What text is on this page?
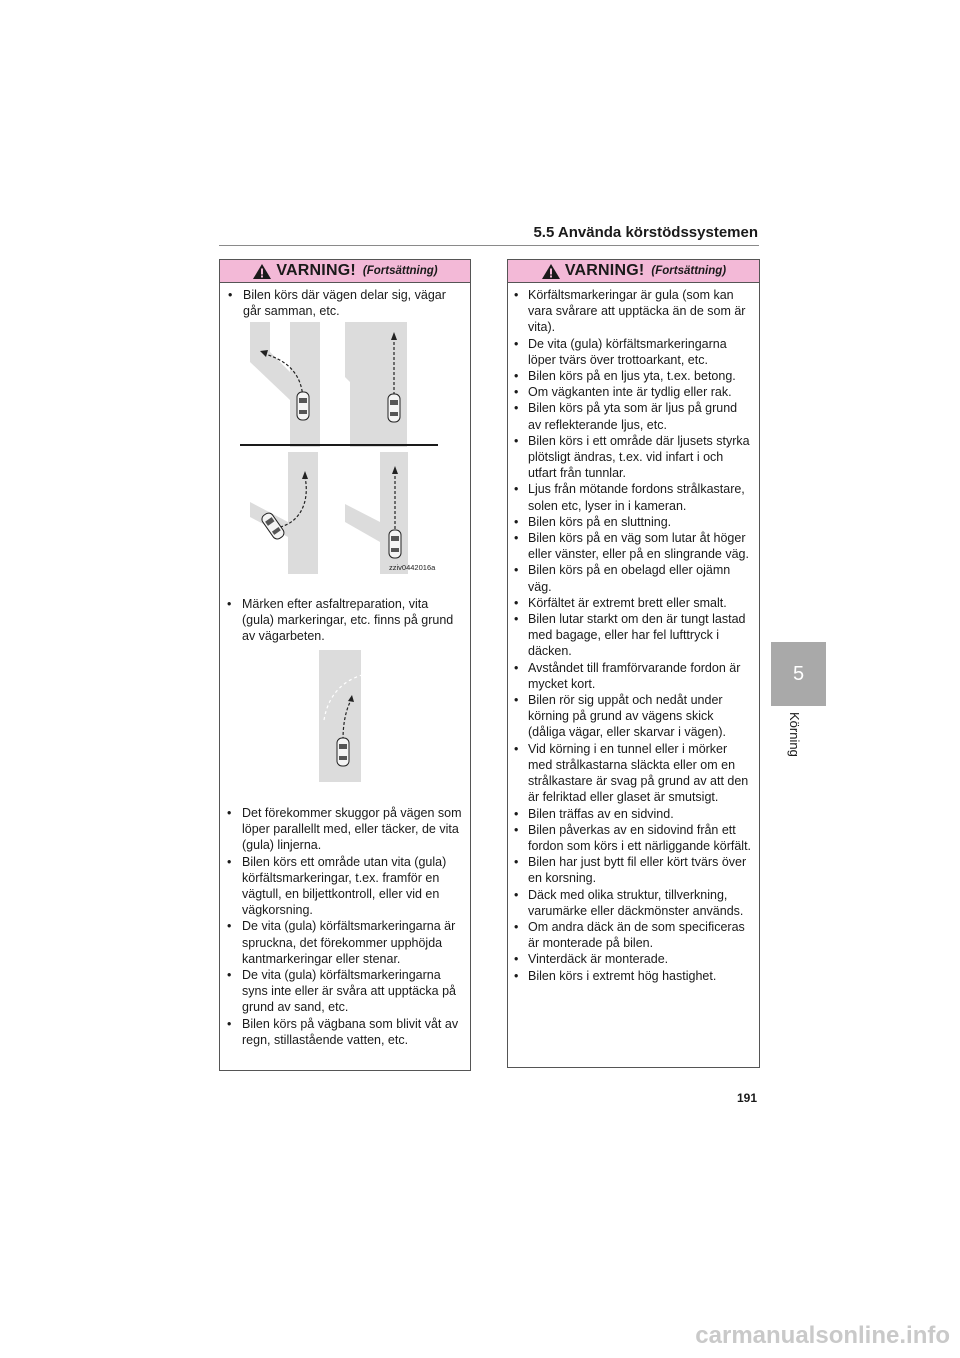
5.5 Använda körstödssystemen
VARNING! (Fortsättning)
• Bilen körs där vägen delar sig, vägar går samman, etc.
zziv0442016a
• Märken efter asfaltreparation, vita (gula) markeringar, etc. finns på grund av vägarbeten.
• Det förekommer skuggor på vägen som löper parallellt med, eller täcker, de vita (gula) linjerna.
• Bilen körs ett område utan vita (gula) körfältsmarkeringar, t.ex. framför en vägtull, en biljettkontroll, eller vid en vägkorsning.
• De vita (gula) körfältsmarkeringarna är spruckna, det förekommer upphöjda kantmarkeringar eller stenar.
• De vita (gula) körfältsmarkeringarna syns inte eller är svåra att upptäcka på grund av sand, etc.
• Bilen körs på vägbana som blivit våt av regn, stillastående vatten, etc.
VARNING! (Fortsättning)
• Körfältsmarkeringar är gula (som kan vara svårare att upptäcka än de som är vita).
• De vita (gula) körfältsmarkeringarna löper tvärs över trottoarkant, etc.
• Bilen körs på en ljus yta, t.ex. betong.
• Om vägkanten inte är tydlig eller rak.
• Bilen körs på yta som är ljus på grund av reflekterande ljus, etc.
• Bilen körs i ett område där ljusets styrka plötsligt ändras, t.ex. vid infart i och utfart från tunnlar.
• Ljus från mötande fordons strålkastare, solen etc, lyser in i kameran.
• Bilen körs på en sluttning.
• Bilen körs på en väg som lutar åt höger eller vänster, eller på en slingrande väg.
• Bilen körs på en obelagd eller ojämn väg.
• Körfältet är extremt brett eller smalt.
• Bilen lutar starkt om den är tungt lastad med bagage, eller har fel lufttryck i däcken.
• Avståndet till framförvarande fordon är mycket kort.
• Bilen rör sig uppåt och nedåt under körning på grund av vägens skick (dåliga vägar, eller skarvar i vägen).
• Vid körning i en tunnel eller i mörker med strålkastarna släckta eller om en strålkastare är svag på grund av att den är felriktad eller glaset är smutsigt.
• Bilen träffas av en sidvind.
• Bilen påverkas av en sidovind från ett fordon som körs i ett närliggande körfält.
• Bilen har just bytt fil eller kört tvärs över en korsning.
• Däck med olika struktur, tillverkning, varumärke eller däckmönster används.
• Om andra däck än de som specificeras är monterade på bilen.
• Vinterdäck är monterade.
• Bilen körs i extremt hög hastighet.
5
Körning
191
carmanualsonline.info
